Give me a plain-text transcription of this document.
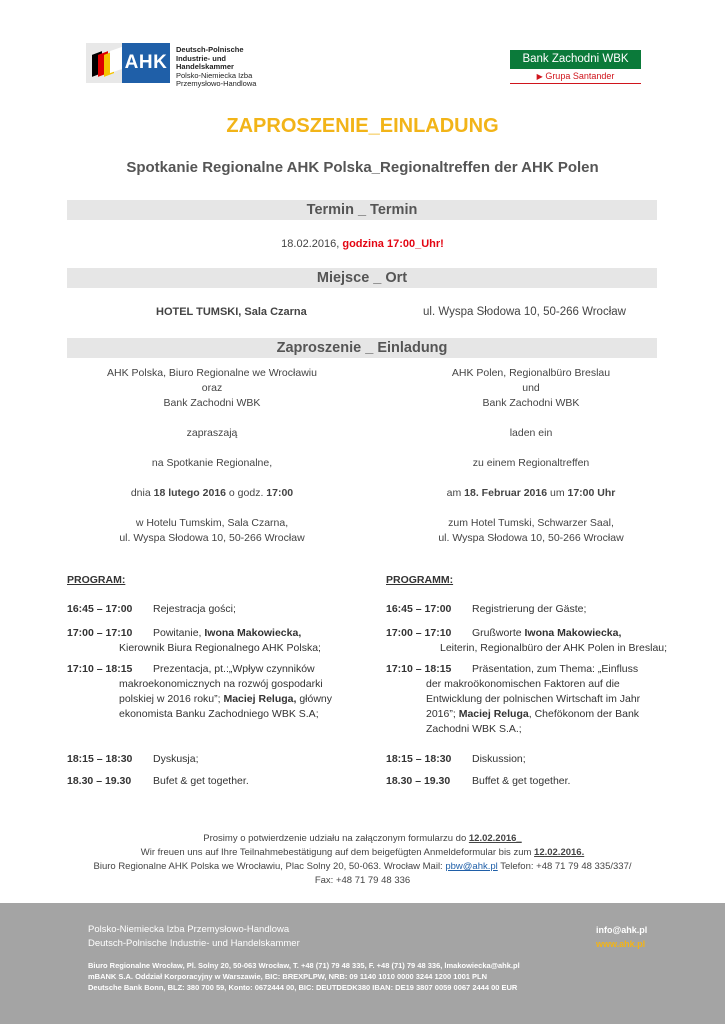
AHK
Deutsch-Polnische
Industrie- und Handelskammer
Polsko-Niemiecka Izba
Przemysłowo-Handlowa
Bank Zachodni WBK
▶ Grupa Santander
ZAPROSZENIE_EINLADUNG
Spotkanie Regionalne AHK Polska_Regionaltreffen der AHK Polen
Termin _ Termin
18.02.2016, godzina 17:00_Uhr!
Miejsce _ Ort
HOTEL TUMSKI, Sala Czarna	ul. Wyspa Słodowa 10, 50-266 Wrocław
Zaproszenie _ Einladung
AHK Polska, Biuro Regionalne we Wrocławiu
oraz
Bank Zachodni WBK
zapraszają
na Spotkanie Regionalne,
dnia 18 lutego 2016 o godz. 17:00
w Hotelu Tumskim, Sala Czarna,
ul. Wyspa Słodowa 10, 50-266 Wrocław
AHK Polen, Regionalbüro Breslau
und
Bank Zachodni WBK
laden ein
zu einem Regionaltreffen
am 18. Februar 2016 um 17:00 Uhr
zum Hotel Tumski, Schwarzer Saal,
ul. Wyspa Słodowa 10, 50-266 Wrocław
PROGRAM:
16:45 – 17:00 Rejestracja gości;
17:00 – 17:10 Powitanie, Iwona Makowiecka,
Kierownik Biura Regionalnego AHK Polska;
17:10 – 18:15	Prezentacja, pt.:„Wpływ czynników makroekonomicznych na rozwój gospodarki polskiej w 2016 roku”; Maciej Reluga, główny ekonomista Banku Zachodniego WBK S.A;
18:15 – 18:30 Dyskusja;
18.30 – 19.30 Bufet & get together.
PROGRAMM:
16:45 – 17:00 Registrierung der Gäste;
17:00 – 17:10 Grußworte Iwona Makowiecka,
Leiterin, Regionalbüro der AHK Polen in Breslau;
17:10 – 18:15	Präsentation, zum Thema: „Einfluss der makroökonomischen Faktoren auf die Entwicklung der polnischen Wirtschaft im Jahr 2016”; Maciej Reluga, Chefökonom der Bank Zachodni WBK S.A.;
18:15 – 18:30 Diskussion;
18.30 – 19.30 Buffet & get together.
Prosimy o potwierdzenie udziału na załączonym formularzu do 12.02.2016_
Wir freuen uns auf Ihre Teilnahmebestätigung auf dem beigefügten Anmeldeformular bis zum 12.02.2016.
Biuro Regionalne AHK Polska we Wrocławiu, Plac Solny 20, 50-063. Wrocław Mail: pbw@ahk.pl Telefon: +48 71 79 48 335/337/
Fax: +48 71 79 48 336
Polsko-Niemiecka Izba Przemysłowo-Handlowa
Deutsch-Polnische Industrie- und Handelskammer
Biuro Regionalne Wrocław, Pl. Solny 20, 50-063 Wrocław, T. +48 (71) 79 48 335, F. +48 (71) 79 48 336, lmakowiecka@ahk.pl
mBANK S.A. Oddział Korporacyjny w Warszawie, BIC: BREXPLPW, NRB: 09 1140 1010 0000 3244 1200 1001 PLN
Deutsche Bank Bonn, BLZ: 380 700 59, Konto: 0672444 00, BIC: DEUTDEDK380 IBAN: DE19 3807 0059 0067 2444 00 EUR
info@ahk.pl
www.ahk.pl
